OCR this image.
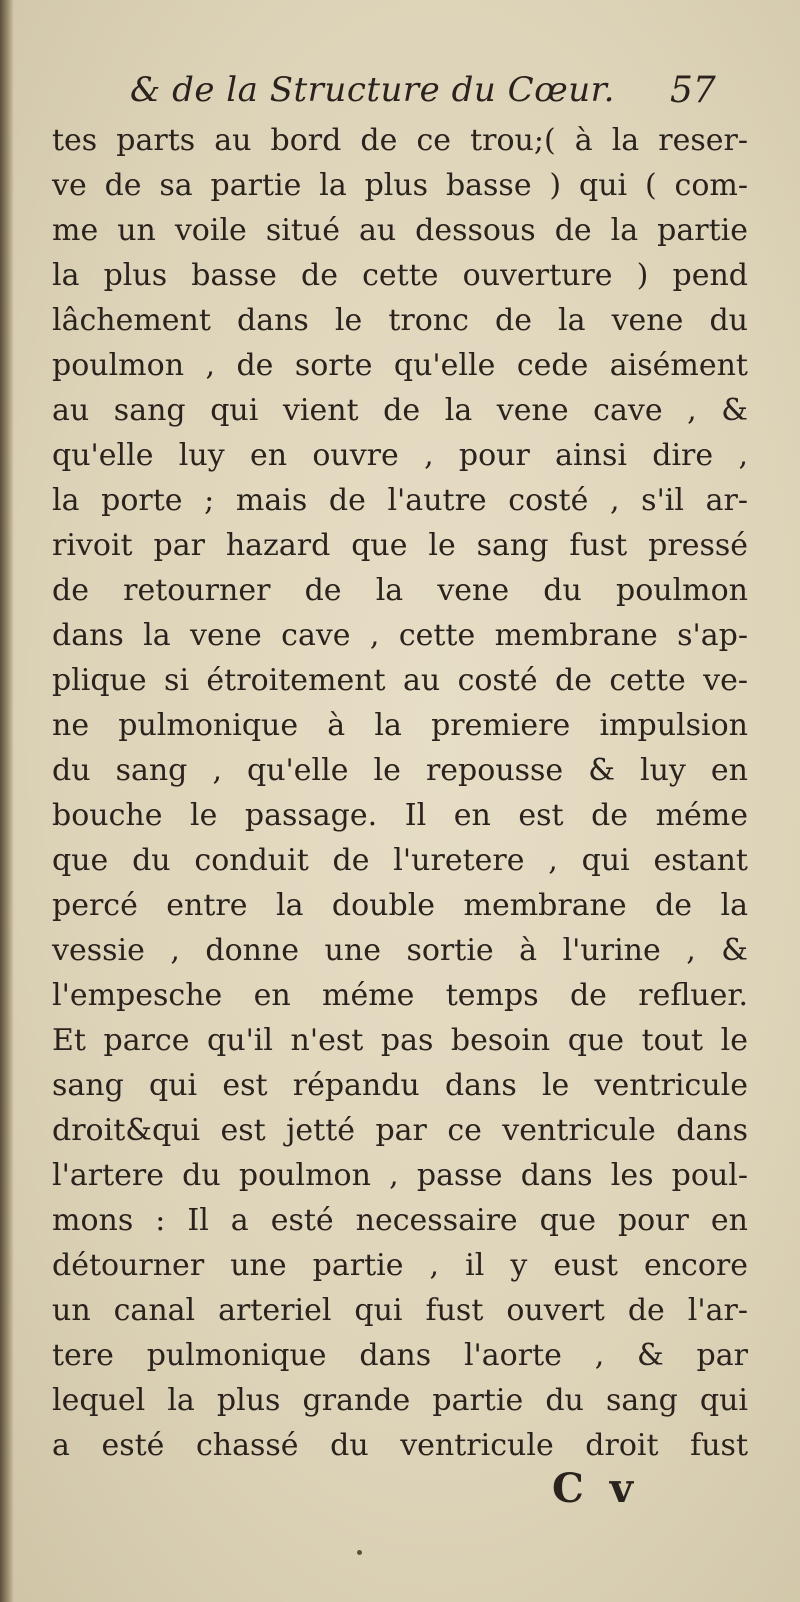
& de la Structure du Cœur. 57
tes parts au bord de ce trou;( à la reser-
ve de sa partie la plus basse ) qui ( com-
me un voile situé au dessous de la partie
la plus basse de cette ouverture ) pend
lâchement dans le tronc de la vene du
poulmon , de sorte qu'elle cede aisément
au sang qui vient de la vene cave , &
qu'elle luy en ouvre , pour ainsi dire ,
la porte ; mais de l'autre costé , s'il ar-
rivoit par hazard que le sang fust pressé
de retourner de la vene du poulmon
dans la vene cave , cette membrane s'ap-
plique si étroitement au costé de cette ve-
ne pulmonique à la premiere impulsion
du sang , qu'elle le repousse & luy en
bouche le passage. Il en est de méme
que du conduit de l'uretere , qui estant
percé entre la double membrane de la
vessie , donne une sortie à l'urine , &
l'empesche en méme temps de refluer.
Et parce qu'il n'est pas besoin que tout le
sang qui est répandu dans le ventricule
droit&qui est jetté par ce ventricule dans
l'artere du poulmon , passe dans les poul-
mons : Il a esté necessaire que pour en
détourner une partie , il y eust encore
un canal arteriel qui fust ouvert de l'ar-
tere pulmonique dans l'aorte , & par
lequel la plus grande partie du sang qui
a esté chassé du ventricule droit fust
C v
